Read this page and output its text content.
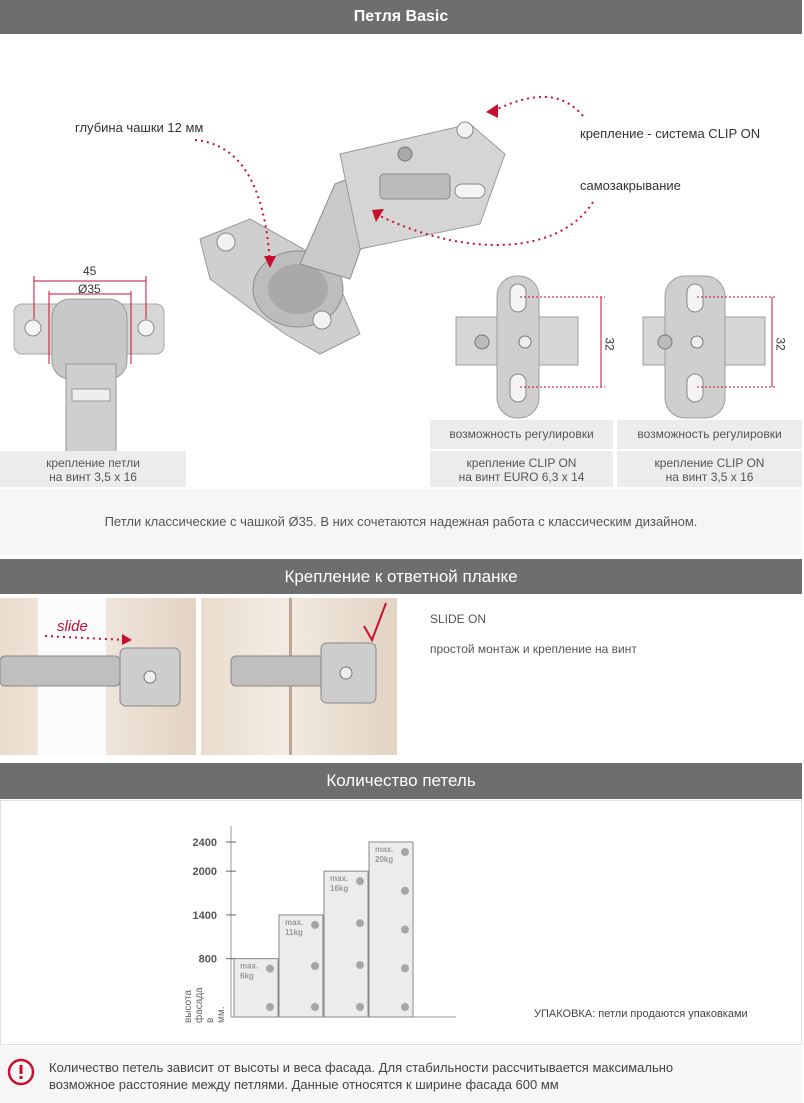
Петля Basic
глубина чашки 12 мм	крепление - система CLIP ON
самозакрывание
45
Ø35
32	32
возможность регулировки	возможность регулировки
крепление петли
на винт 3,5 x 16
крепление CLIP ON
на винт EURO 6,3 x 14
крепление CLIP ON
на винт 3,5 x 16
Петли классические с чашкой Ø35. В них сочетаются надежная работа с классическим дизайном.
Крепление к ответной планке
slide	SLIDE ON
простой монтаж и крепление на винт
Количество петель
2400
2000
1400
800
max.
6kg
max.
11kg
max.
16kg
max.
20kg
высотафасадавмм.	УПАКОВКА: петли продаются упаковками
Количество петель зависит от высоты и веса фасада. Для стабильности рассчитывается максимально
возможное расстояние между петлями. Данные относятся к ширине фасада 600 мм
